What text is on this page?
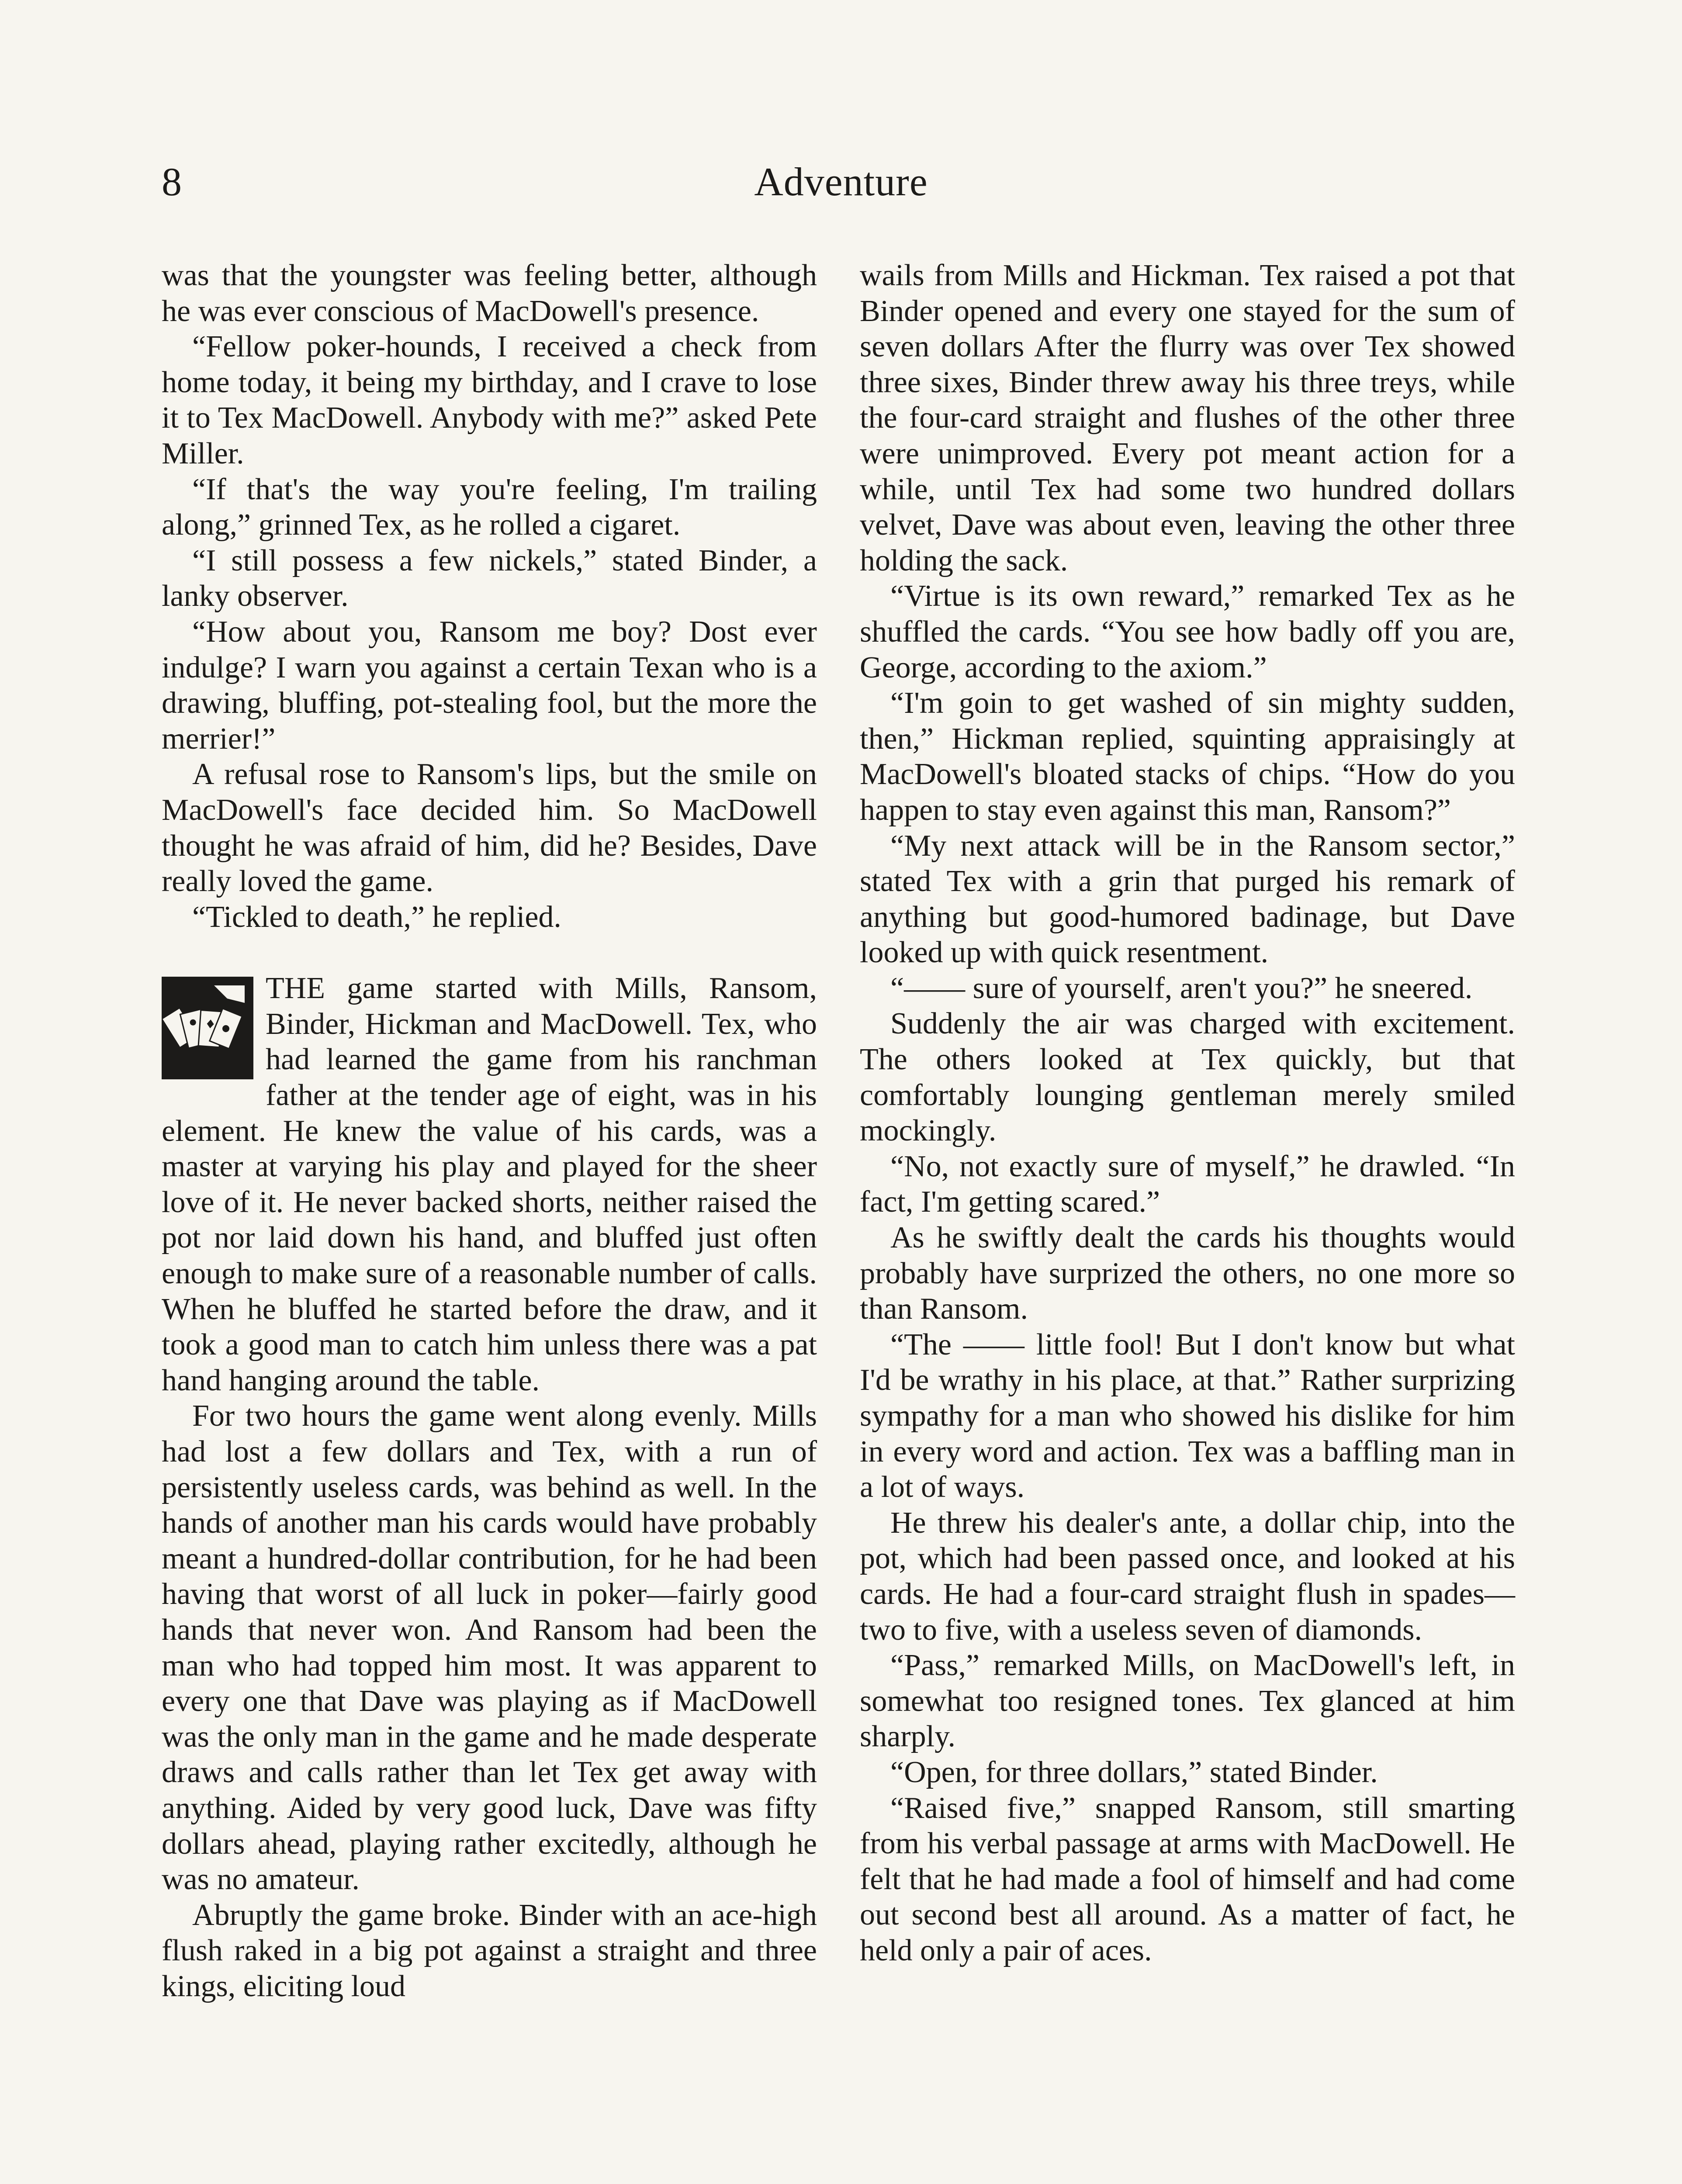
8	Adventure

was that the youngster was feeling better, although he was ever conscious of MacDowell's presence.

“Fellow poker-hounds, I received a check from home today, it being my birthday, and I crave to lose it to Tex MacDowell. Anybody with me?” asked Pete Miller.

“If that's the way you're feeling, I'm trailing along,” grinned Tex, as he rolled a cigaret.

“I still possess a few nickels,” stated Binder, a lanky observer.

“How about you, Ransom me boy? Dost ever indulge? I warn you against a certain Texan who is a drawing, bluffing, pot-stealing fool, but the more the merrier!”

A refusal rose to Ransom's lips, but the smile on MacDowell's face decided him. So MacDowell thought he was afraid of him, did he? Besides, Dave really loved the game.

“Tickled to death,” he replied.

THE game started with Mills, Ransom, Binder, Hickman and MacDowell. Tex, who had learned the game from his ranchman father at the tender age of eight, was in his element. He knew the value of his cards, was a master at varying his play and played for the sheer love of it. He never backed shorts, neither raised the pot nor laid down his hand, and bluffed just often enough to make sure of a reasonable number of calls. When he bluffed he started before the draw, and it took a good man to catch him unless there was a pat hand hanging around the table.

For two hours the game went along evenly. Mills had lost a few dollars and Tex, with a run of persistently useless cards, was behind as well. In the hands of another man his cards would have probably meant a hundred-dollar contribution, for he had been having that worst of all luck in poker—fairly good hands that never won. And Ransom had been the man who had topped him most. It was apparent to every one that Dave was playing as if MacDowell was the only man in the game and he made desperate draws and calls rather than let Tex get away with anything. Aided by very good luck, Dave was fifty dollars ahead, playing rather excitedly, although he was no amateur.

Abruptly the game broke. Binder with an ace-high flush raked in a big pot against a straight and three kings, eliciting loud

wails from Mills and Hickman. Tex raised a pot that Binder opened and every one stayed for the sum of seven dollars After the flurry was over Tex showed three sixes, Binder threw away his three treys, while the four-card straight and flushes of the other three were unimproved. Every pot meant action for a while, until Tex had some two hundred dollars velvet, Dave was about even, leaving the other three holding the sack.

“Virtue is its own reward,” remarked Tex as he shuffled the cards. “You see how badly off you are, George, according to the axiom.”

“I'm goin to get washed of sin mighty sudden, then,” Hickman replied, squinting appraisingly at MacDowell's bloated stacks of chips. “How do you happen to stay even against this man, Ransom?”

“My next attack will be in the Ransom sector,” stated Tex with a grin that purged his remark of anything but good-humored badinage, but Dave looked up with quick resentment.

“—— sure of yourself, aren't you?” he sneered.

Suddenly the air was charged with excitement. The others looked at Tex quickly, but that comfortably lounging gentleman merely smiled mockingly.

“No, not exactly sure of myself,” he drawled. “In fact, I'm getting scared.”

As he swiftly dealt the cards his thoughts would probably have surprized the others, no one more so than Ransom.

“The —— little fool! But I don't know but what I'd be wrathy in his place, at that.” Rather surprizing sympathy for a man who showed his dislike for him in every word and action. Tex was a baffling man in a lot of ways.

He threw his dealer's ante, a dollar chip, into the pot, which had been passed once, and looked at his cards. He had a four-card straight flush in spades—two to five, with a useless seven of diamonds.

“Pass,” remarked Mills, on MacDowell's left, in somewhat too resigned tones. Tex glanced at him sharply.

“Open, for three dollars,” stated Binder.

“Raised five,” snapped Ransom, still smarting from his verbal passage at arms with MacDowell. He felt that he had made a fool of himself and had come out second best all around. As a matter of fact, he held only a pair of aces.
